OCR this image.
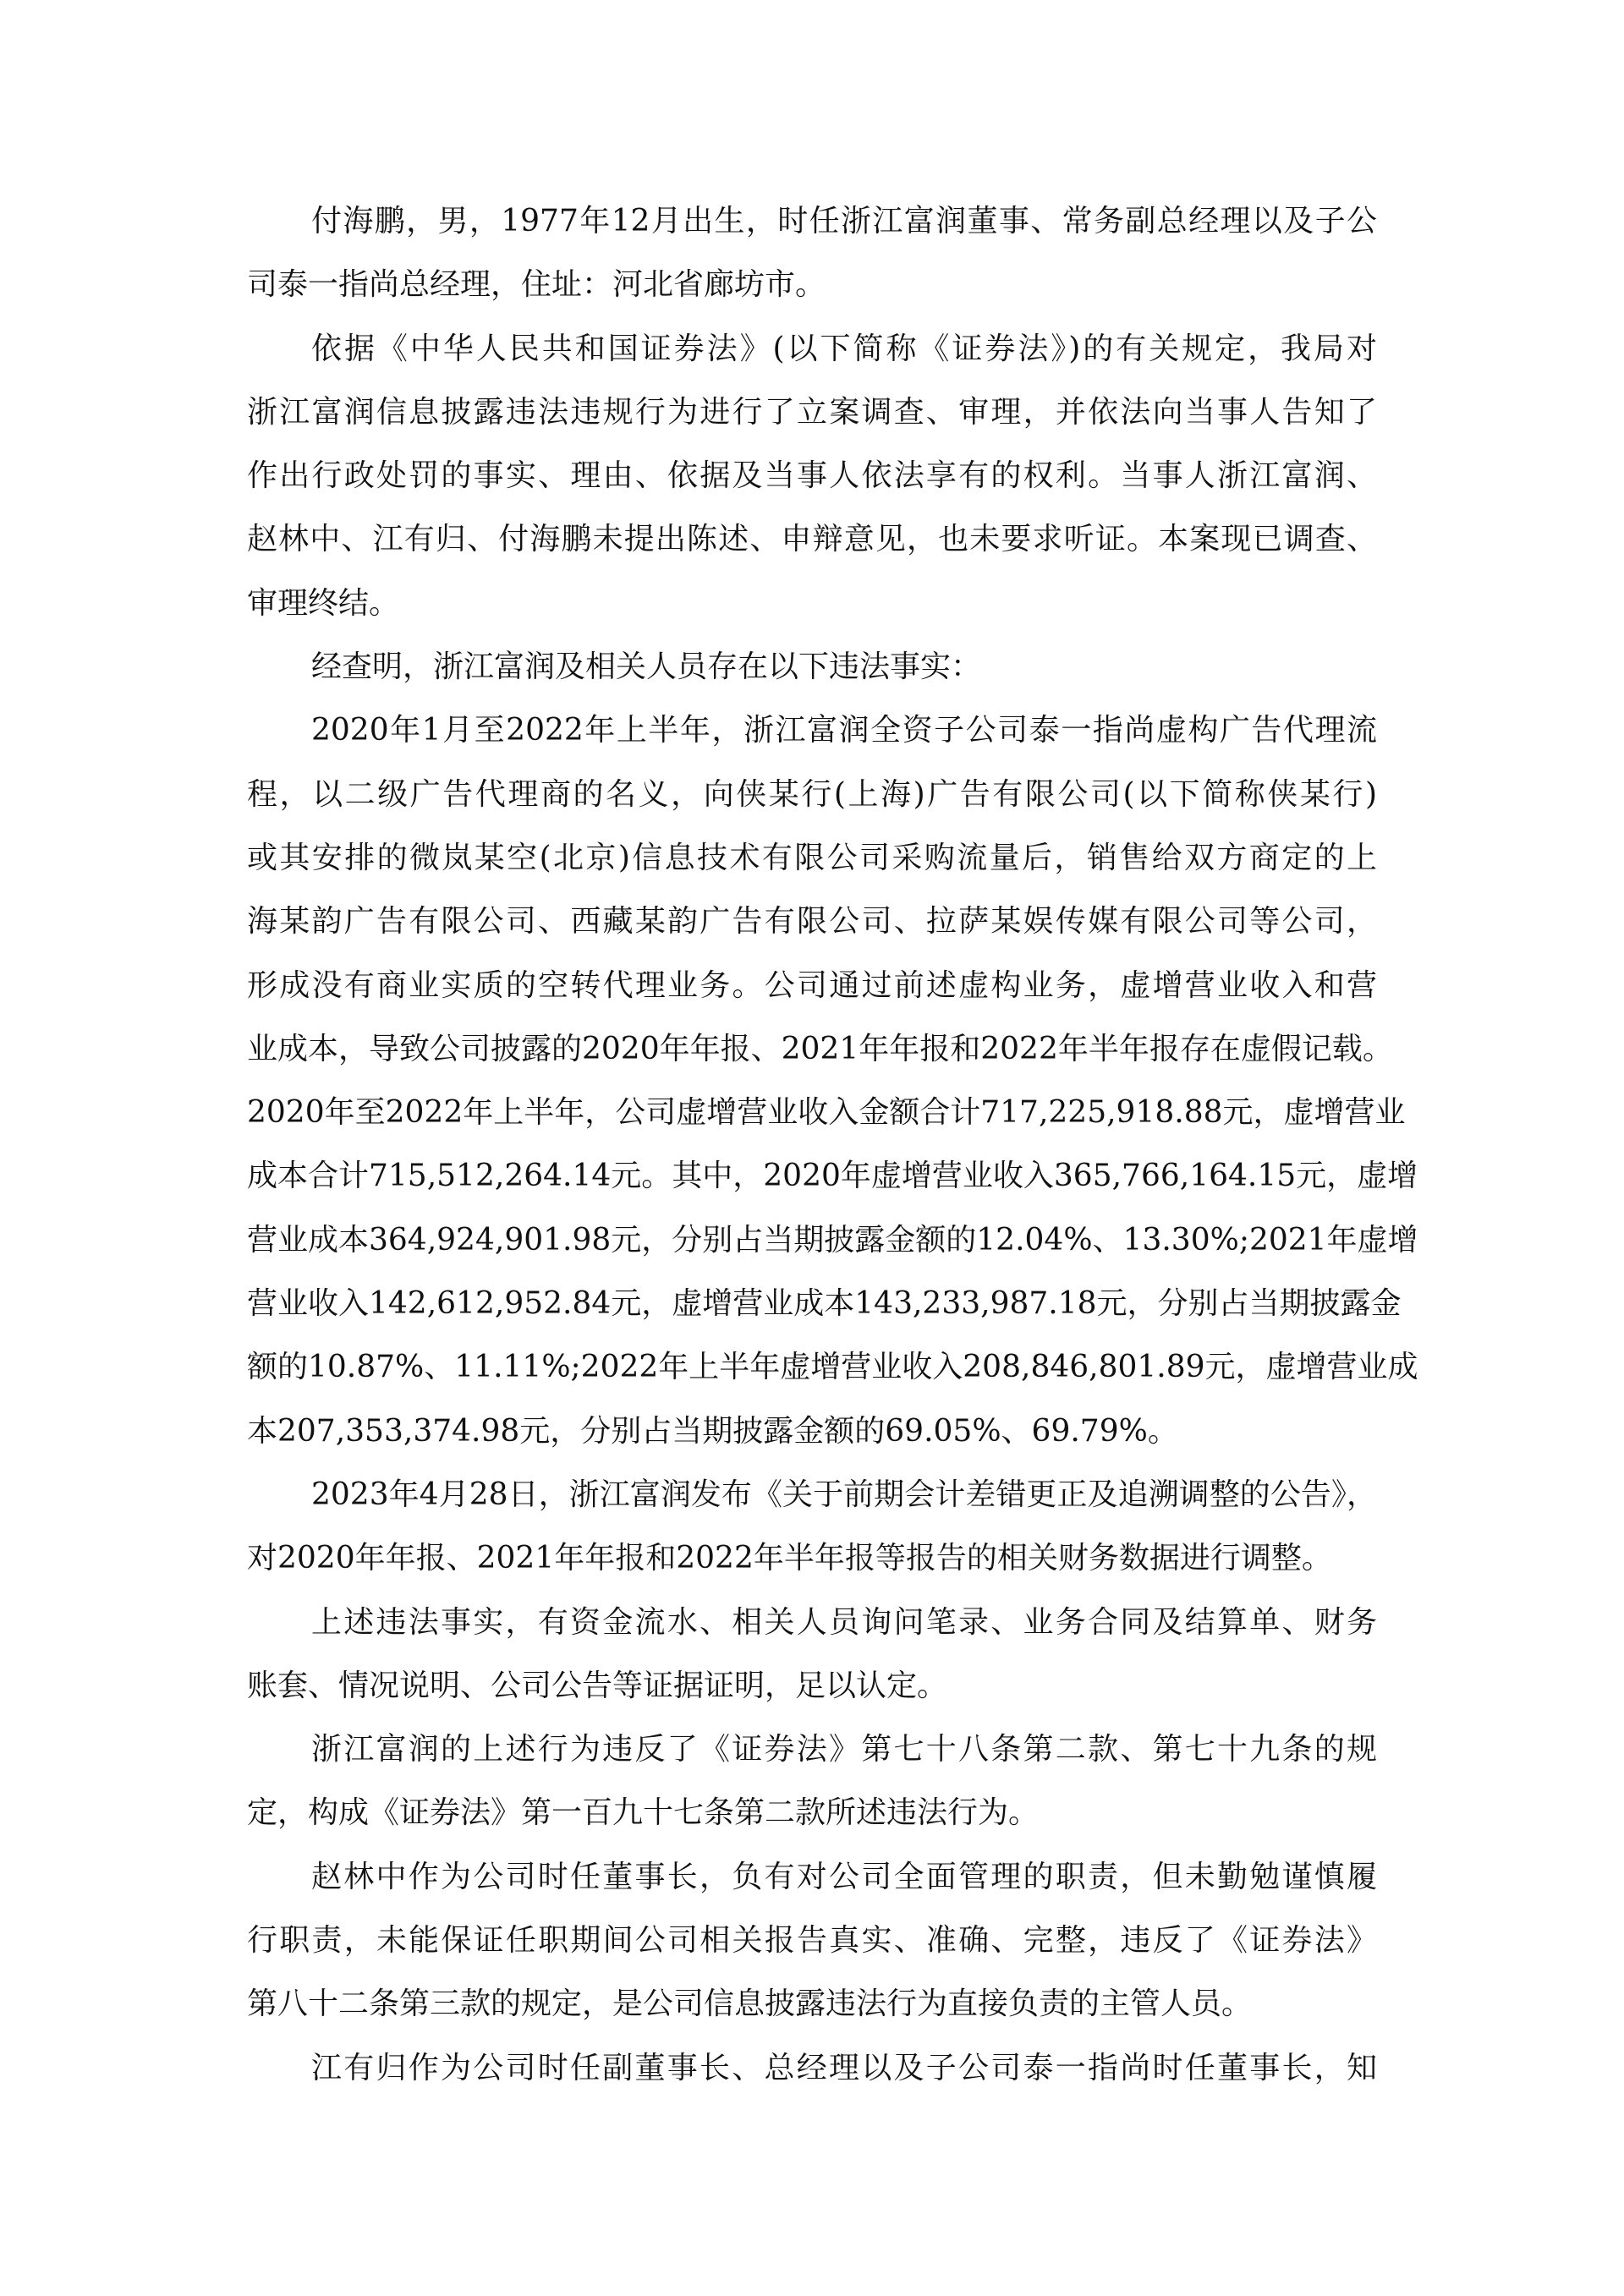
付海鹏，男，1977年12月出生，时任浙江富润董事、常务副总经理以及子公
司泰一指尚总经理，住址：河北省廊坊市。
依据《中华人民共和国证券法》(以下简称《证券法》)的有关规定，我局对
浙江富润信息披露违法违规行为进行了立案调查、审理，并依法向当事人告知了
作出行政处罚的事实、理由、依据及当事人依法享有的权利。当事人浙江富润、
赵林中、江有归、付海鹏未提出陈述、申辩意见，也未要求听证。本案现已调查、
审理终结。
经查明，浙江富润及相关人员存在以下违法事实：
2020年1月至2022年上半年，浙江富润全资子公司泰一指尚虚构广告代理流
程，以二级广告代理商的名义，向侠某行(上海)广告有限公司(以下简称侠某行)
或其安排的微岚某空(北京)信息技术有限公司采购流量后，销售给双方商定的上
海某韵广告有限公司、西藏某韵广告有限公司、拉萨某娱传媒有限公司等公司，
形成没有商业实质的空转代理业务。公司通过前述虚构业务，虚增营业收入和营
业成本，导致公司披露的2020年年报、2021年年报和2022年半年报存在虚假记载。
2020年至2022年上半年，公司虚增营业收入金额合计717,225,918.88元，虚增营业
成本合计715,512,264.14元。其中，2020年虚增营业收入365,766,164.15元，虚增
营业成本364,924,901.98元，分别占当期披露金额的12.04%、13.30%;2021年虚增
营业收入142,612,952.84元，虚增营业成本143,233,987.18元，分别占当期披露金
额的10.87%、11.11%;2022年上半年虚增营业收入208,846,801.89元，虚增营业成
本207,353,374.98元，分别占当期披露金额的69.05%、69.79%。
2023年4月28日，浙江富润发布《关于前期会计差错更正及追溯调整的公告》，
对2020年年报、2021年年报和2022年半年报等报告的相关财务数据进行调整。
上述违法事实，有资金流水、相关人员询问笔录、业务合同及结算单、财务
账套、情况说明、公司公告等证据证明，足以认定。
浙江富润的上述行为违反了《证券法》第七十八条第二款、第七十九条的规
定，构成《证券法》第一百九十七条第二款所述违法行为。
赵林中作为公司时任董事长，负有对公司全面管理的职责，但未勤勉谨慎履
行职责，未能保证任职期间公司相关报告真实、准确、完整，违反了《证券法》
第八十二条第三款的规定，是公司信息披露违法行为直接负责的主管人员。
江有归作为公司时任副董事长、总经理以及子公司泰一指尚时任董事长，知
